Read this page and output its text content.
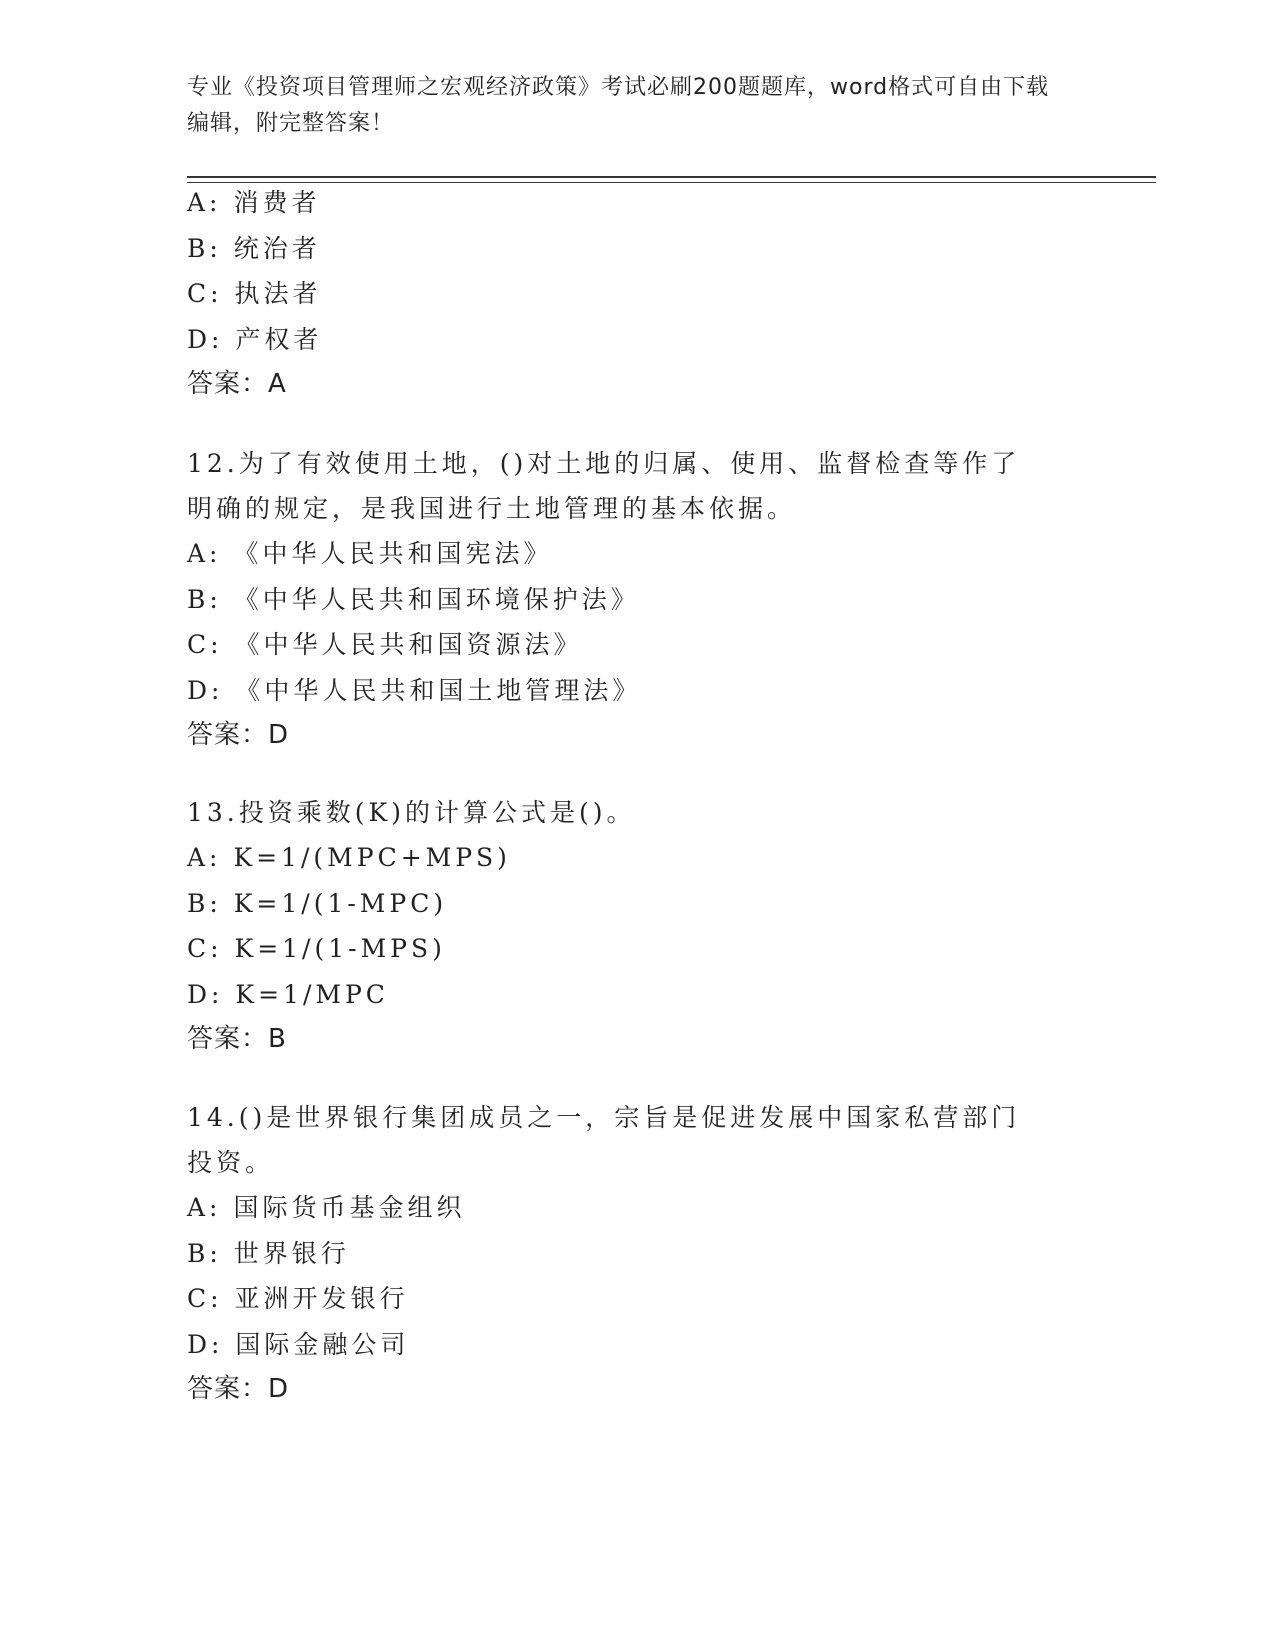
专业《投资项目管理师之宏观经济政策》考试必刷200题题库，word格式可自由下载编辑，附完整答案！
A: 消费者
B: 统治者
C: 执法者
D: 产权者
答案：A
12.为了有效使用土地，()对土地的归属、使用、监督检查等作了明确的规定，是我国进行土地管理的基本依据。
A: 《中华人民共和国宪法》
B: 《中华人民共和国环境保护法》
C: 《中华人民共和国资源法》
D: 《中华人民共和国土地管理法》
答案：D
13.投资乘数(K)的计算公式是()。
A: K=1/(MPC+MPS)
B: K=1/(1-MPC)
C: K=1/(1-MPS)
D: K=1/MPC
答案：B
14.()是世界银行集团成员之一，宗旨是促进发展中国家私营部门投资。
A: 国际货币基金组织
B: 世界银行
C: 亚洲开发银行
D: 国际金融公司
答案：D
